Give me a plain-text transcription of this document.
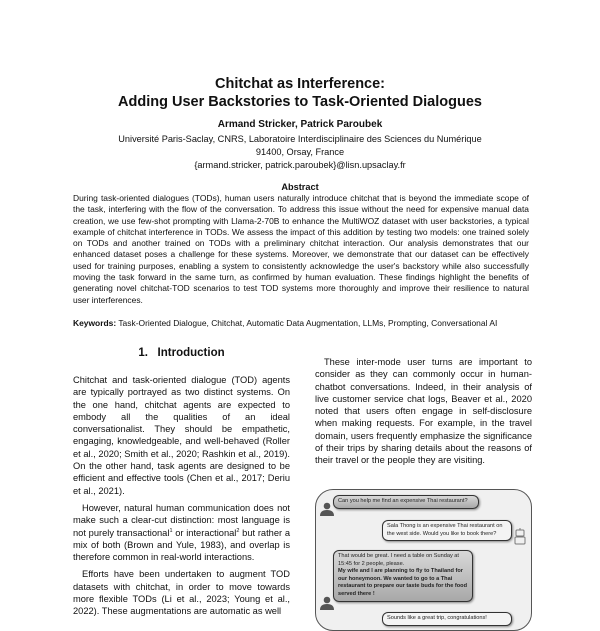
Chitchat as Interference:
Adding User Backstories to Task-Oriented Dialogues
Armand Stricker, Patrick Paroubek
Université Paris-Saclay, CNRS, Laboratoire Interdisciplinaire des Sciences du Numérique
91400, Orsay, France
{armand.stricker, patrick.paroubek}@lisn.upsaclay.fr
Abstract
During task-oriented dialogues (TODs), human users naturally introduce chitchat that is beyond the immediate scope of the task, interfering with the flow of the conversation. To address this issue without the need for expensive manual data creation, we use few-shot prompting with Llama-2-70B to enhance the MultiWOZ dataset with user backstories, a typical example of chitchat interference in TODs. We assess the impact of this addition by testing two models: one trained solely on TODs and another trained on TODs with a preliminary chitchat interaction. Our analysis demonstrates that our enhanced dataset poses a challenge for these systems. Moreover, we demonstrate that our dataset can be effectively used for training purposes, enabling a system to consistently acknowledge the user's backstory while also successfully moving the task forward in the same turn, as confirmed by human evaluation. These findings highlight the benefits of generating novel chitchat-TOD scenarios to test TOD systems more thoroughly and improve their resilience to natural user interferences.
Keywords: Task-Oriented Dialogue, Chitchat, Automatic Data Augmentation, LLMs, Prompting, Conversational AI
1.   Introduction

Chitchat and task-oriented dialogue (TOD) agents are typically portrayed as two distinct systems. On the one hand, chitchat agents are expected to embody all the qualities of an ideal conversationalist. They should be empathetic, engaging, knowledgeable, and well-behaved (Roller et al., 2020; Smith et al., 2020; Rashkin et al., 2019). On the other hand, task agents are designed to be efficient and effective tools (Chen et al., 2017; Deriu et al., 2021).

However, natural human communication does not make such a clear-cut distinction: most language is not purely transactional$^1$ or interactional$^2$ but rather a mix of both (Brown and Yule, 1983), and overlap is therefore common in real-world interactions.

Efforts have been undertaken to augment TOD datasets with chitchat, in order to move towards more flexible TODs (Li et al., 2023; Young et al., 2022). These augmentations are automatic as well

These inter-mode user turns are important to consider as they can commonly occur in human-chatbot conversations. Indeed, in their analysis of live customer service chat logs, Beaver et al., 2020 noted that users often engage in self-disclosure when making requests. For example, in the travel domain, users frequently emphasize the significance of their trips by sharing details about the reasons of their travel or the people they are visiting.

Can you help me find an expensive Thai restaurant?
Sala Thong is an expensive Thai restaurant on the west side. Would you like to book there?
That would be great. I need a table on Sunday at 15:45 for 2 people, please.
My wife and I are planning to fly to Thailand for our honeymoon. We wanted to go to a Thai restaurant to prepare our taste buds for the food served there !
Sounds like a great trip, congratulations!
